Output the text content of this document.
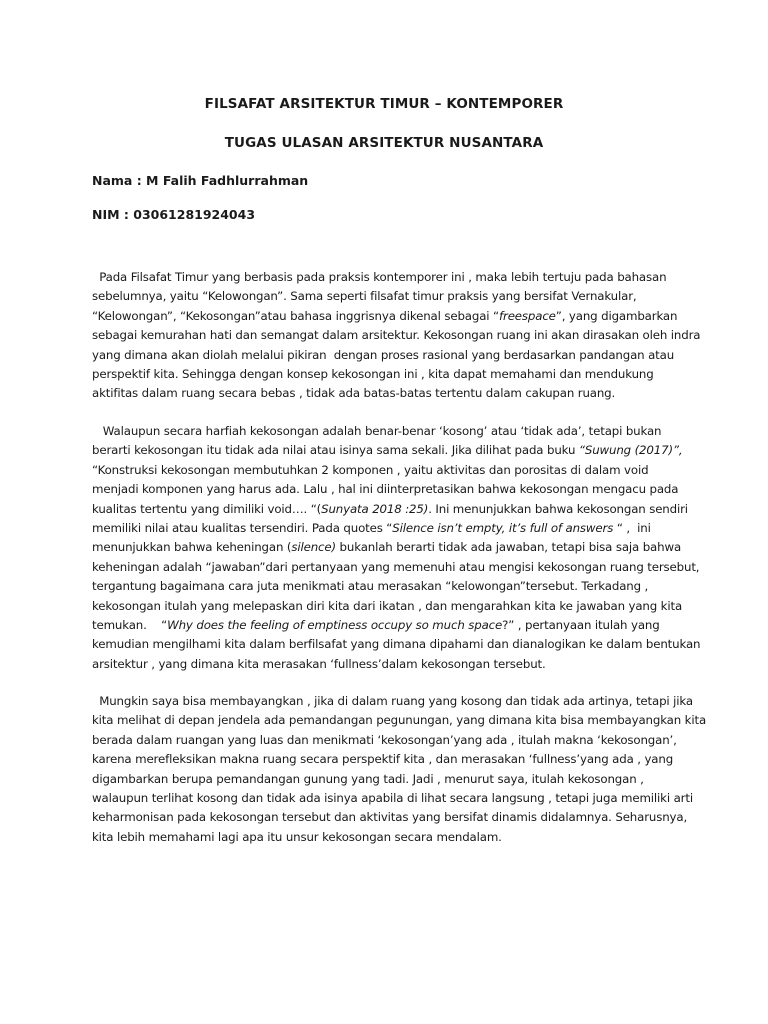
FILSAFAT ARSITEKTUR TIMUR – KONTEMPORER
TUGAS ULASAN ARSITEKTUR NUSANTARA
Nama : M Falih Fadhlurrahman
NIM : 03061281924043
Pada Filsafat Timur yang berbasis pada praksis kontemporer ini , maka lebih tertuju pada bahasan
sebelumnya, yaitu “Kelowongan”. Sama seperti filsafat timur praksis yang bersifat Vernakular,
“Kelowongan”, “Kekosongan”atau bahasa inggrisnya dikenal sebagai “freespace”, yang digambarkan
sebagai kemurahan hati dan semangat dalam arsitektur. Kekosongan ruang ini akan dirasakan oleh indra
yang dimana akan diolah melalui pikiran  dengan proses rasional yang berdasarkan pandangan atau
perspektif kita. Sehingga dengan konsep kekosongan ini , kita dapat memahami dan mendukung
aktifitas dalam ruang secara bebas , tidak ada batas-batas tertentu dalam cakupan ruang.
Walaupun secara harfiah kekosongan adalah benar-benar ‘kosong’ atau ‘tidak ada’, tetapi bukan
berarti kekosongan itu tidak ada nilai atau isinya sama sekali. Jika dilihat pada buku “Suwung (2017)”,
“Konstruksi kekosongan membutuhkan 2 komponen , yaitu aktivitas dan porositas di dalam void
menjadi komponen yang harus ada. Lalu , hal ini diinterpretasikan bahwa kekosongan mengacu pada
kualitas tertentu yang dimiliki void…. “(Sunyata 2018 :25). Ini menunjukkan bahwa kekosongan sendiri
memiliki nilai atau kualitas tersendiri. Pada quotes “Silence isn’t empty, it’s full of answers “ ,  ini
menunjukkan bahwa keheningan (silence) bukanlah berarti tidak ada jawaban, tetapi bisa saja bahwa
keheningan adalah “jawaban”dari pertanyaan yang memenuhi atau mengisi kekosongan ruang tersebut,
tergantung bagaimana cara juta menikmati atau merasakan “kelowongan”tersebut. Terkadang ,
kekosongan itulah yang melepaskan diri kita dari ikatan , dan mengarahkan kita ke jawaban yang kita
temukan.    “Why does the feeling of emptiness occupy so much space?” , pertanyaan itulah yang
kemudian mengilhami kita dalam berfilsafat yang dimana dipahami dan dianalogikan ke dalam bentukan
arsitektur , yang dimana kita merasakan ‘fullness’dalam kekosongan tersebut.
Mungkin saya bisa membayangkan , jika di dalam ruang yang kosong dan tidak ada artinya, tetapi jika
kita melihat di depan jendela ada pemandangan pegunungan, yang dimana kita bisa membayangkan kita
berada dalam ruangan yang luas dan menikmati ‘kekosongan’yang ada , itulah makna ‘kekosongan’,
karena merefleksikan makna ruang secara perspektif kita , dan merasakan ‘fullness’yang ada , yang
digambarkan berupa pemandangan gunung yang tadi. Jadi , menurut saya, itulah kekosongan ,
walaupun terlihat kosong dan tidak ada isinya apabila di lihat secara langsung , tetapi juga memiliki arti
keharmonisan pada kekosongan tersebut dan aktivitas yang bersifat dinamis didalamnya. Seharusnya,
kita lebih memahami lagi apa itu unsur kekosongan secara mendalam.
